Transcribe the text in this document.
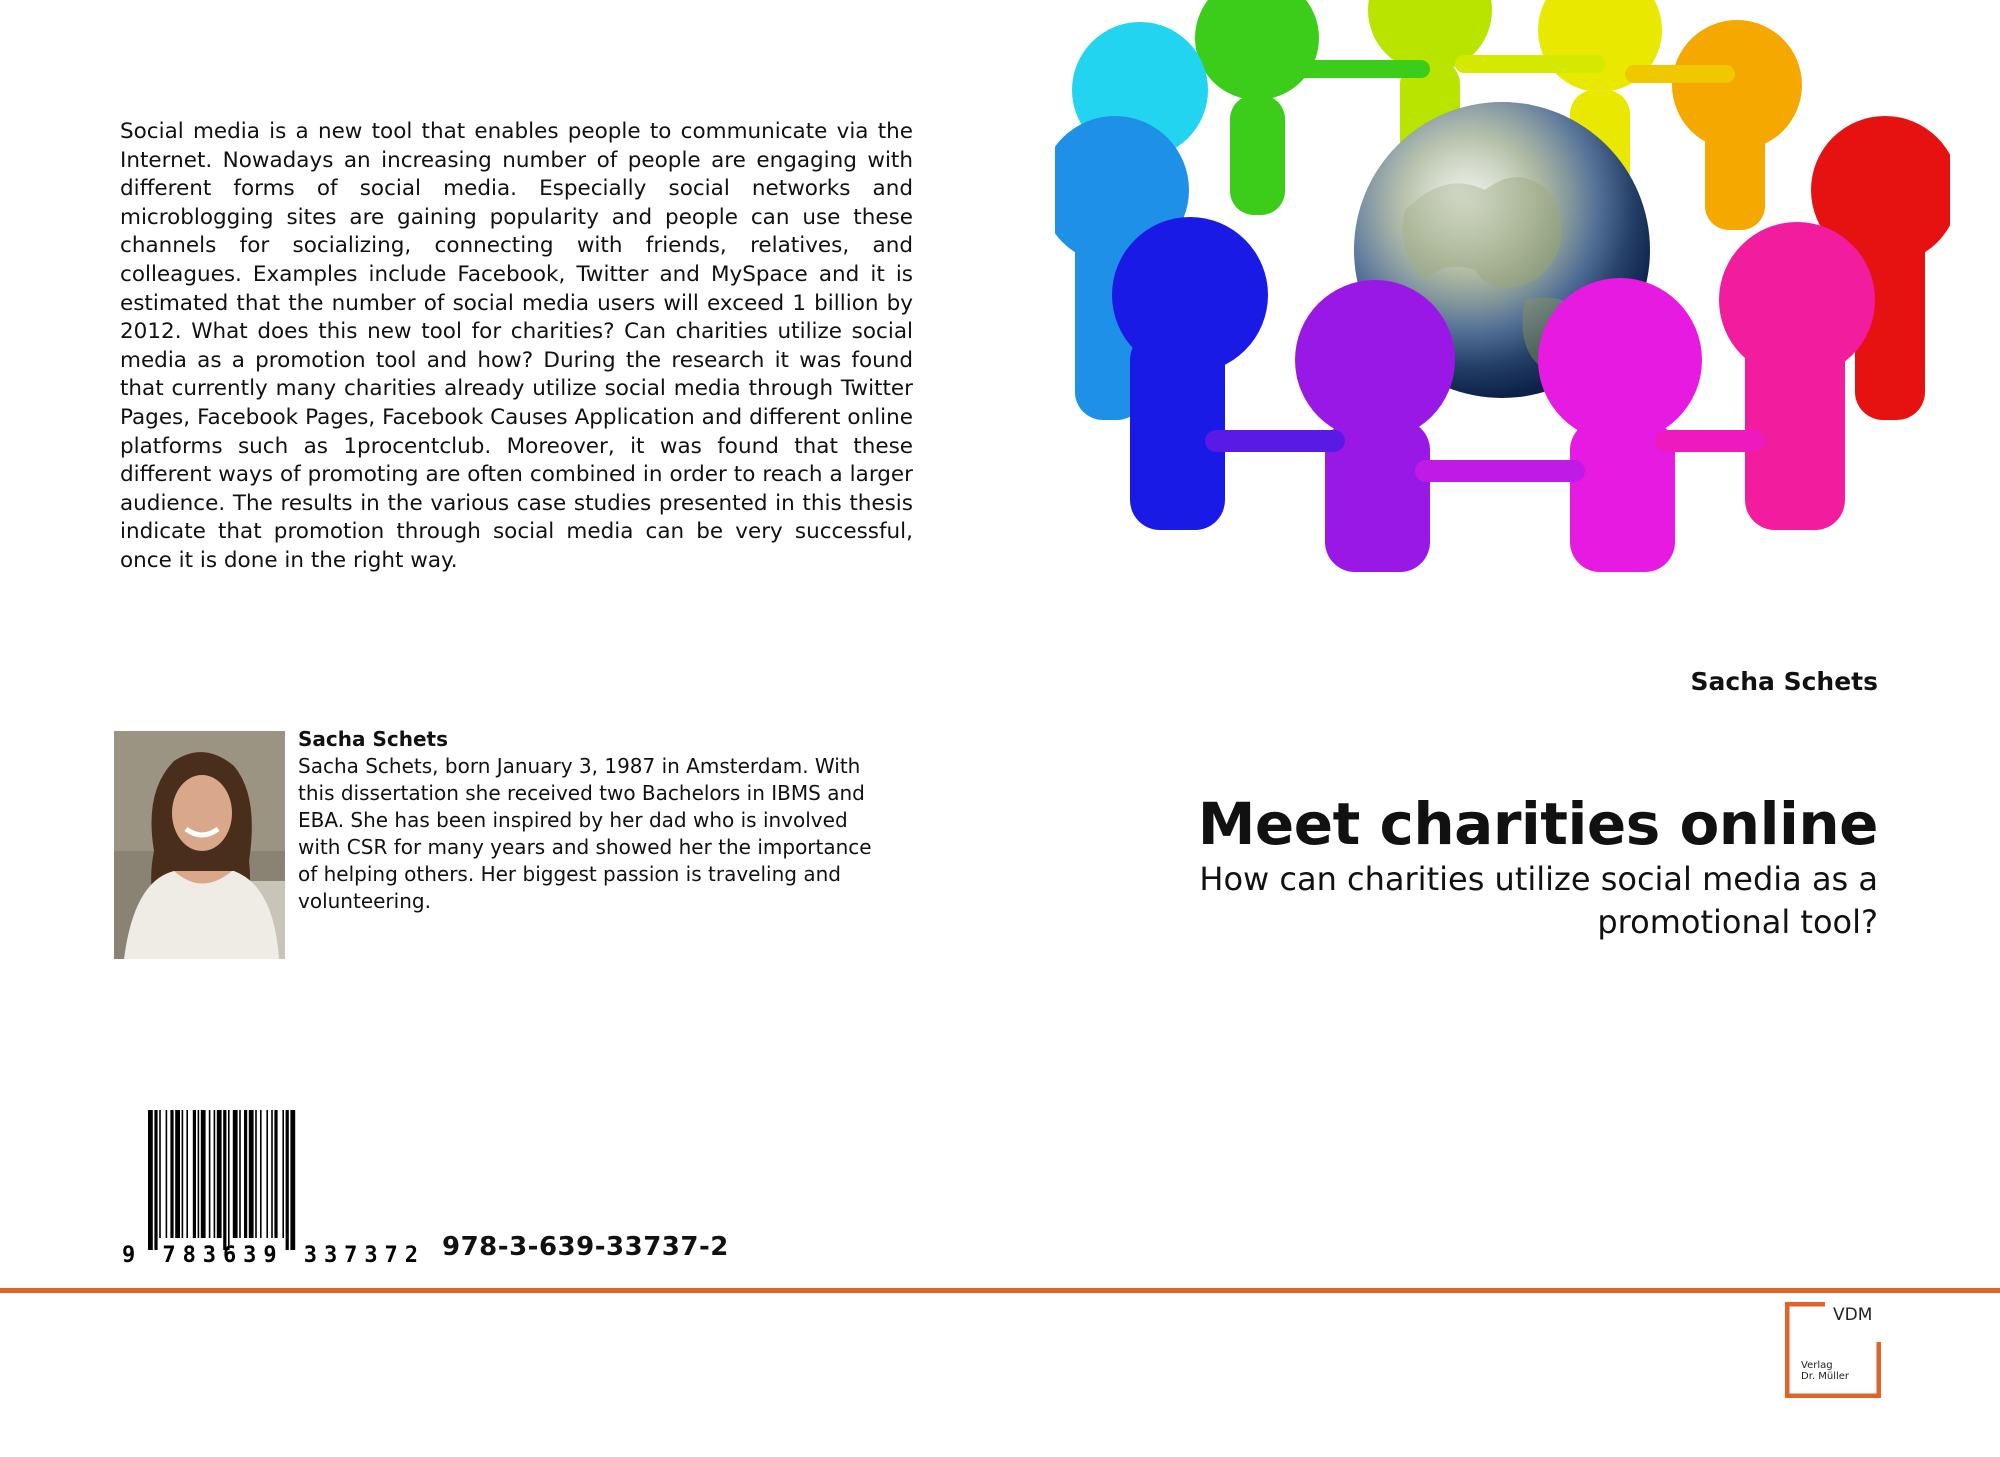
Social media is a new tool that enables people to communicate via the Internet. Nowadays an increasing number of people are engaging with different forms of social media. Especially social networks and microblogging sites are gaining popularity and people can use these channels for socializing, connecting with friends, relatives, and colleagues. Examples include Facebook, Twitter and MySpace and it is estimated that the number of social media users will exceed 1 billion by 2012. What does this new tool for charities? Can charities utilize social media as a promotion tool and how? During the research it was found that currently many charities already utilize social media through Twitter Pages, Facebook Pages, Facebook Causes Application and different online platforms such as 1procentclub. Moreover, it was found that these different ways of promoting are often combined in order to reach a larger audience. The results in the various case studies presented in this thesis indicate that promotion through social media can be very successful, once it is done in the right way.

Sacha Schets
Sacha Schets
Sacha Schets, born January 3, 1987 in Amsterdam. With this dissertation she received two Bachelors in IBMS and EBA. She has been inspired by her dad who is involved with CSR for many years and showed her the importance of helping others. Her biggest passion is traveling and volunteering.
Meet charities online
How can charities utilize social media as a promotional tool?
9 783639 337372 978-3-639-33737-2
VDM
Verlag
Dr. Müller
